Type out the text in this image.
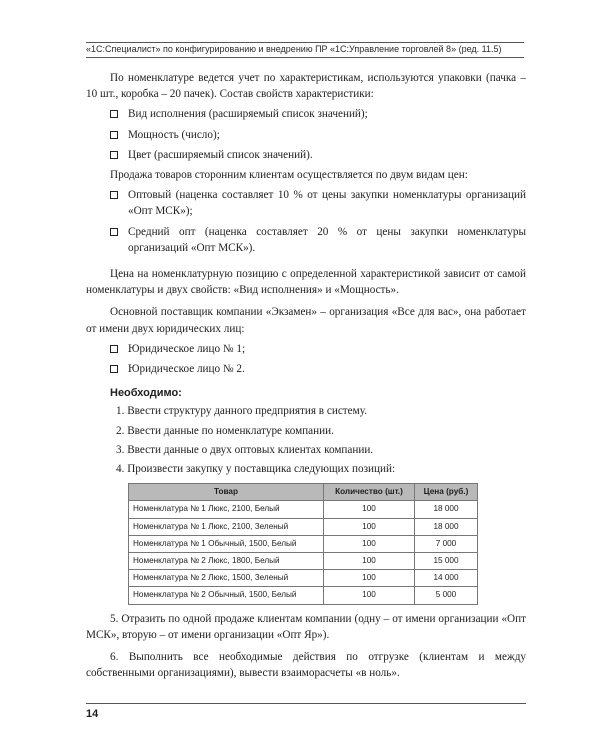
«1С:Специалист» по конфигурированию и внедрению ПР «1С:Управление торговлей 8» (ред. 11.5)

По номенклатуре ведется учет по характеристикам, используются упаковки (пачка – 10 шт., коробка – 20 пачек). Состав свойств характеристики:

Вид исполнения (расширяемый список значений);
Мощность (число);
Цвет (расширяемый список значений).

Продажа товаров сторонним клиентам осуществляется по двум видам цен:

Оптовый (наценка составляет 10 % от цены закупки номенклатуры организаций «Опт МСК»);
Средний опт (наценка составляет 20 % от цены закупки номенклатуры организаций «Опт МСК»).

Цена на номенклатурную позицию с определенной характеристикой зависит от самой номенклатуры и двух свойств: «Вид исполнения» и «Мощность».

Основной поставщик компании «Экзамен» – организация «Все для вас», она работает от имени двух юридических лиц:

Юридическое лицо № 1;
Юридическое лицо № 2.
Необходимо:
1. Ввести структуру данного предприятия в систему.
2. Ввести данные по номенклатуре компании.
3. Ввести данные о двух оптовых клиентах компании.
4. Произвести закупку у поставщика следующих позиций:
Товар	Количество (шт.)	Цена (руб.)
Номенклатура № 1 Люкс, 2100, Белый	100	18 000
Номенклатура № 1 Люкс, 2100, Зеленый	100	18 000
Номенклатура № 1 Обычный, 1500, Белый	100	7 000
Номенклатура № 2 Люкс, 1800, Белый	100	15 000
Номенклатура № 2 Люкс, 1500, Зеленый	100	14 000
Номенклатура № 2 Обычный, 1500, Белый	100	5 000

5. Отразить по одной продаже клиентам компании (одну – от имени организации «Опт МСК», вторую – от имени организации «Опт Яр»).

6. Выполнить все необходимые действия по отгрузке (клиентам и между собственными организациями), вывести взаиморасчеты «в ноль».

14
